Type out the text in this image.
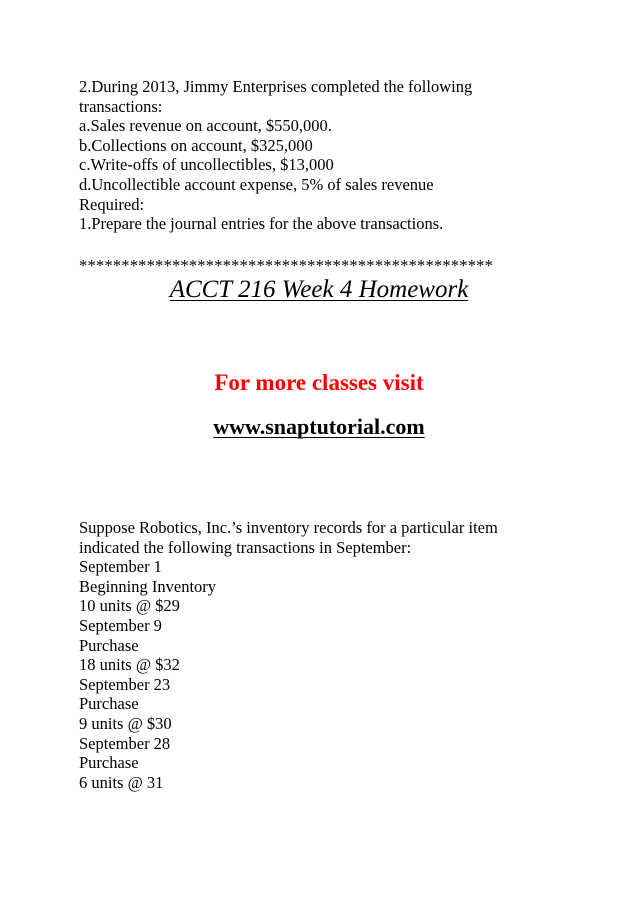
2.During 2013, Jimmy Enterprises completed the following
transactions:
a.Sales revenue on account, $550,000.
b.Collections on account, $325,000
c.Write-offs of uncollectibles, $13,000
d.Uncollectible account expense, 5% of sales revenue
Required:
1.Prepare the journal entries for the above transactions.
*************************************************
ACCT 216 Week 4 Homework
For more classes visit
www.snaptutorial.com
Suppose Robotics, Inc.’s inventory records for a particular item
indicated the following transactions in September:
September 1
Beginning Inventory
10 units @ $29
September 9
Purchase
18 units @ $32
September 23
Purchase
9 units @ $30
September 28
Purchase
6 units @ 31
